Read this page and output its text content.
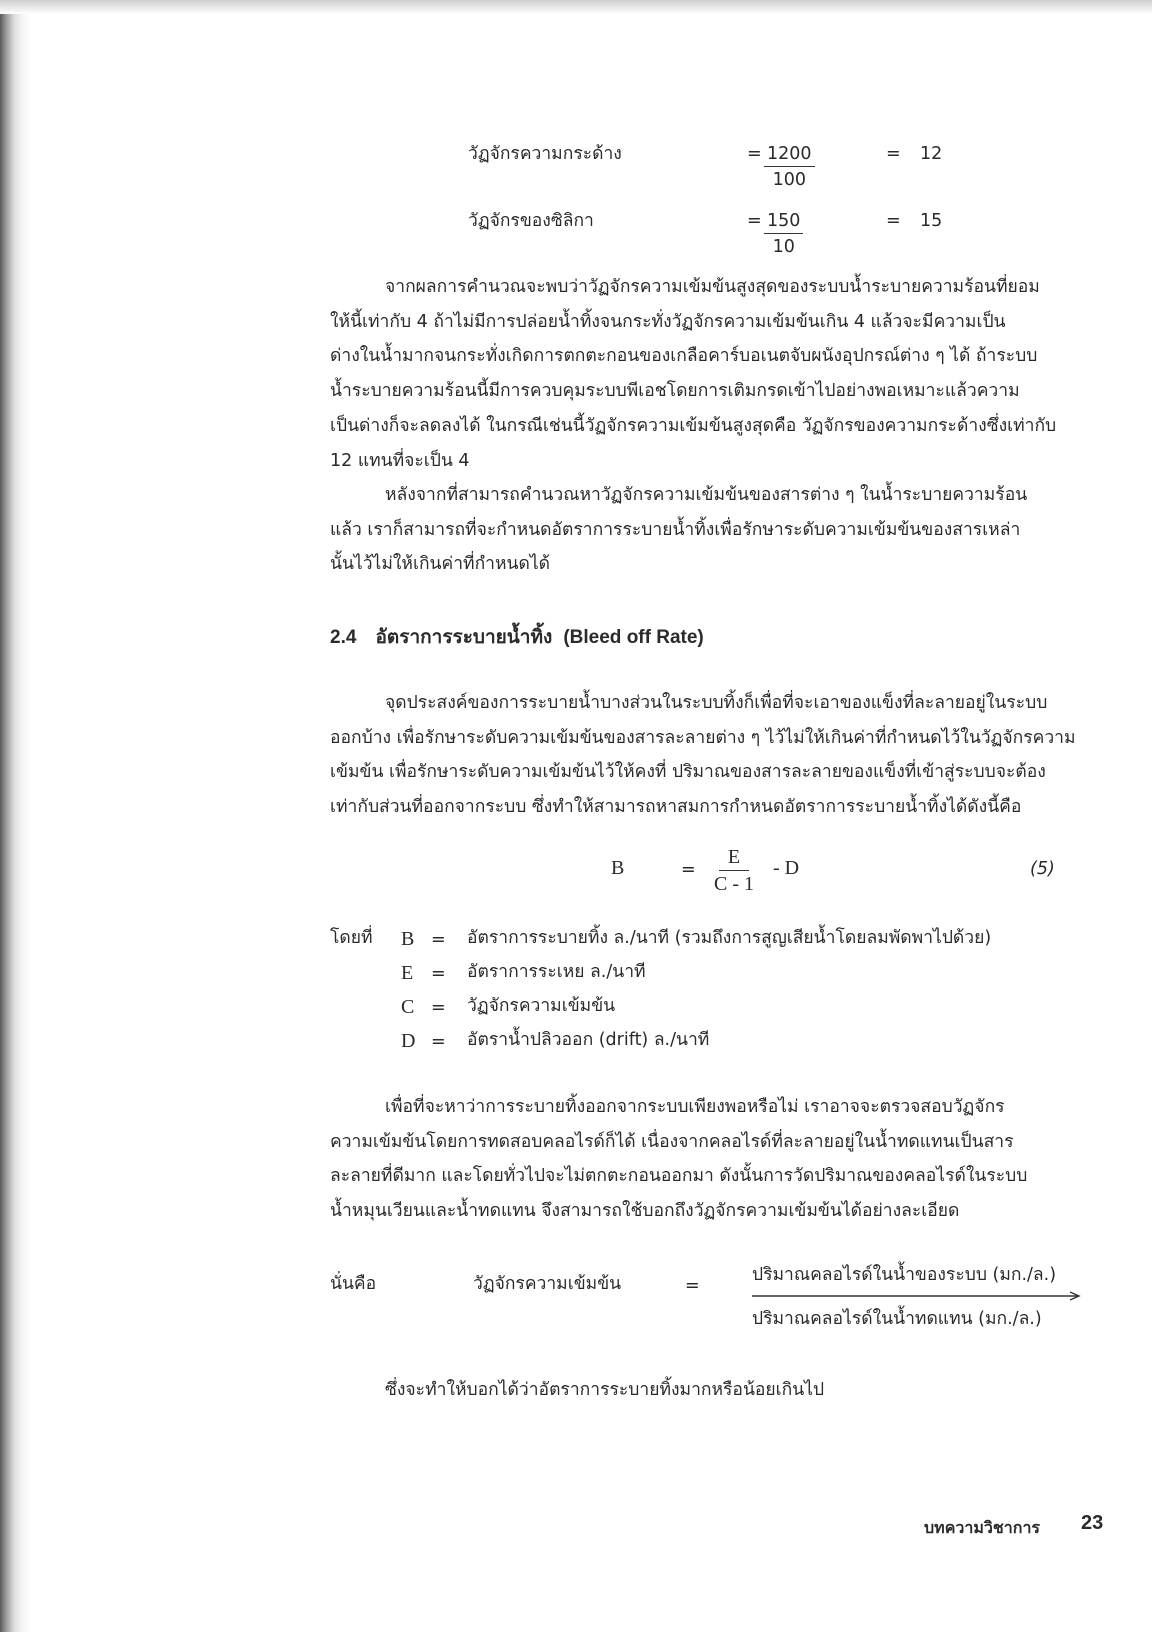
วัฏจักรความกระด้าง	= $\frac{1200}{100}$	= 12
วัฏจักรของซิลิกา	= $\frac{150}{10}$	= 15
จากผลการคำนวณจะพบว่าวัฏจักรความเข้มข้นสูงสุดของระบบน้ำระบายความร้อนที่ยอม
ให้นี้เท่ากับ 4 ถ้าไม่มีการปล่อยน้ำทิ้งจนกระทั่งวัฏจักรความเข้มข้นเกิน 4 แล้วจะมีความเป็น
ด่างในน้ำมากจนกระทั่งเกิดการตกตะกอนของเกลือคาร์บอเนตจับผนังอุปกรณ์ต่าง ๆ ได้ ถ้าระบบ
น้ำระบายความร้อนนี้มีการควบคุมระบบพีเอชโดยการเติมกรดเข้าไปอย่างพอเหมาะแล้วความ
เป็นด่างก็จะลดลงได้ ในกรณีเช่นนี้วัฏจักรความเข้มข้นสูงสุดคือ วัฏจักรของความกระด้างซึ่งเท่ากับ
12 แทนที่จะเป็น 4
หลังจากที่สามารถคำนวณหาวัฏจักรความเข้มข้นของสารต่าง ๆ ในน้ำระบายความร้อน
แล้ว เราก็สามารถที่จะกำหนดอัตราการระบายน้ำทิ้งเพื่อรักษาระดับความเข้มข้นของสารเหล่า
นั้นไว้ไม่ให้เกินค่าที่กำหนดได้
2.4 อัตราการระบายน้ำทิ้ง (Bleed off Rate)
จุดประสงค์ของการระบายน้ำบางส่วนในระบบทิ้งก็เพื่อที่จะเอาของแข็งที่ละลายอยู่ในระบบ
ออกบ้าง เพื่อรักษาระดับความเข้มข้นของสารละลายต่าง ๆ ไว้ไม่ให้เกินค่าที่กำหนดไว้ในวัฏจักรความ
เข้มข้น เพื่อรักษาระดับความเข้มข้นไว้ให้คงที่ ปริมาณของสารละลายของแข็งที่เข้าสู่ระบบจะต้อง
เท่ากับส่วนที่ออกจากระบบ ซึ่งทำให้สามารถหาสมการกำหนดอัตราการระบายน้ำทิ้งได้ดังนี้คือ
B	= $\frac{E}{C - 1}$ - D	(5)
โดยที่ B = อัตราการระบายทิ้ง ล./นาที (รวมถึงการสูญเสียน้ำโดยลมพัดพาไปด้วย)
E = อัตราการระเหย ล./นาที
C = วัฏจักรความเข้มข้น
D = อัตราน้ำปลิวออก (drift) ล./นาที
เพื่อที่จะหาว่าการระบายทิ้งออกจากระบบเพียงพอหรือไม่ เราอาจจะตรวจสอบวัฏจักร
ความเข้มข้นโดยการทดสอบคลอไรด์ก็ได้ เนื่องจากคลอไรด์ที่ละลายอยู่ในน้ำทดแทนเป็นสาร
ละลายที่ดีมาก และโดยทั่วไปจะไม่ตกตะกอนออกมา ดังนั้นการวัดปริมาณของคลอไรด์ในระบบ
น้ำหมุนเวียนและน้ำทดแทน จึงสามารถใช้บอกถึงวัฏจักรความเข้มข้นได้อย่างละเอียด
นั่นคือ	วัฏจักรความเข้มข้น	=
ปริมาณคลอไรด์ในน้ำของระบบ (มก./ล.)
ปริมาณคลอไรด์ในน้ำทดแทน (มก./ล.)
ซึ่งจะทำให้บอกได้ว่าอัตราการระบายทิ้งมากหรือน้อยเกินไป
บทความวิชาการ 23
